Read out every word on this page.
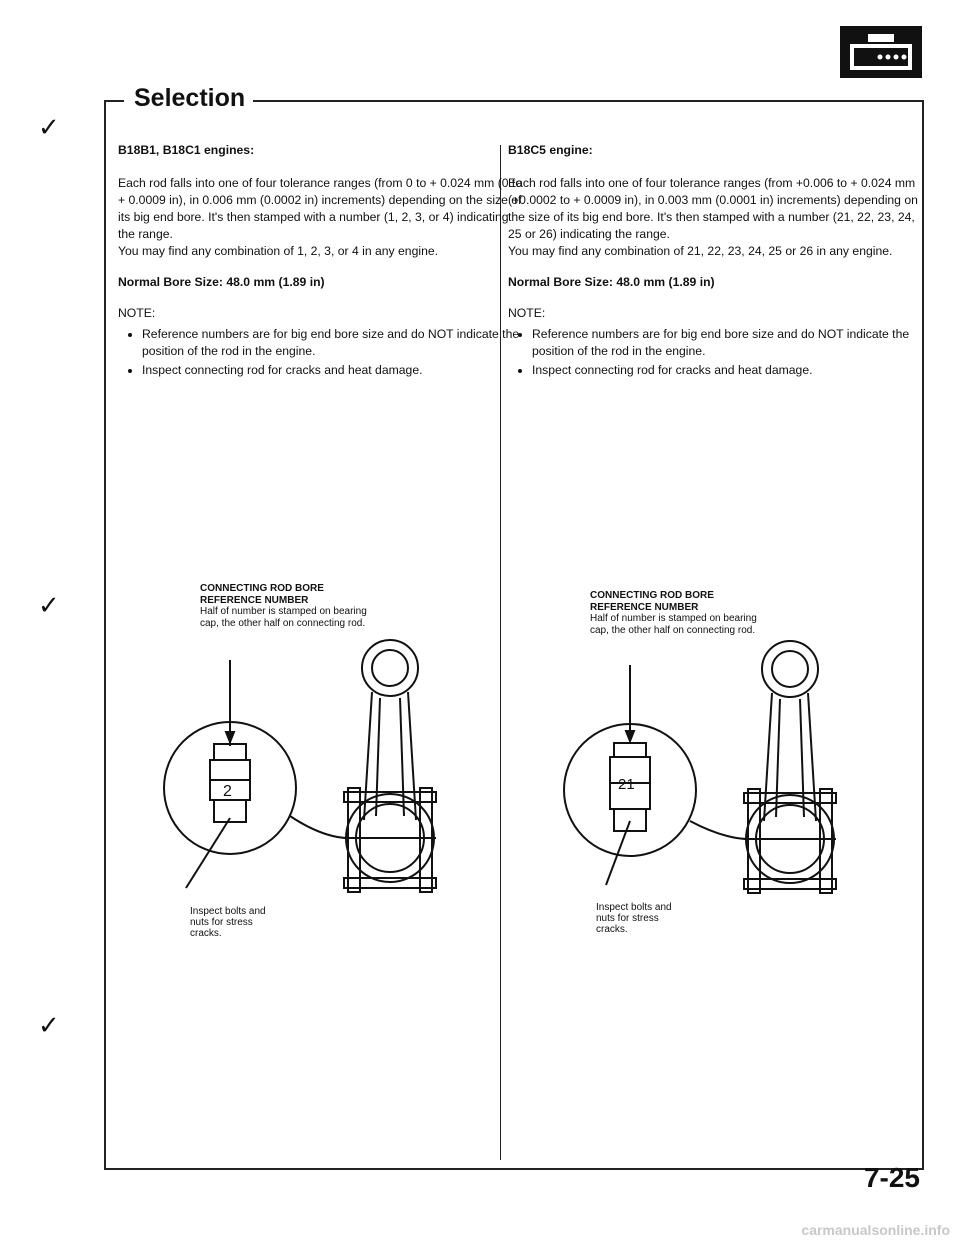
Selection
✓
✓
✓

B18B1, B18C1 engines:

Each rod falls into one of four tolerance ranges (from 0 to + 0.024 mm (0 to + 0.0009 in), in 0.006 mm (0.0002 in) increments) depending on the size of its big end bore. It's then stamped with a number (1, 2, 3, or 4) indicating the range.

You may find any combination of 1, 2, 3, or 4 in any engine.

Normal Bore Size: 48.0 mm (1.89 in)

NOTE:

• Reference numbers are for big end bore size and do NOT indicate the position of the rod in the engine.
• Inspect connecting rod for cracks and heat damage.

B18C5 engine:

Each rod falls into one of four tolerance ranges (from +0.006 to + 0.024 mm (+0.0002 to + 0.0009 in), in 0.003 mm (0.0001 in) increments) depending on the size of its big end bore. It's then stamped with a number (21, 22, 23, 24, 25 or 26) indicating the range.

You may find any combination of 21, 22, 23, 24, 25 or 26 in any engine.

Normal Bore Size: 48.0 mm (1.89 in)

NOTE:

• Reference numbers are for big end bore size and do NOT indicate the position of the rod in the engine.
• Inspect connecting rod for cracks and heat damage.
CONNECTING ROD BORE
REFERENCE NUMBER
Half of number is stamped on bearing cap, the other half on connecting rod.
2
Inspect bolts and nuts for stress cracks.
CONNECTING ROD BORE
REFERENCE NUMBER
Half of number is stamped on bearing cap, the other half on connecting rod.
21
Inspect bolts and nuts for stress cracks.
7-25
carmanualsonline.info
